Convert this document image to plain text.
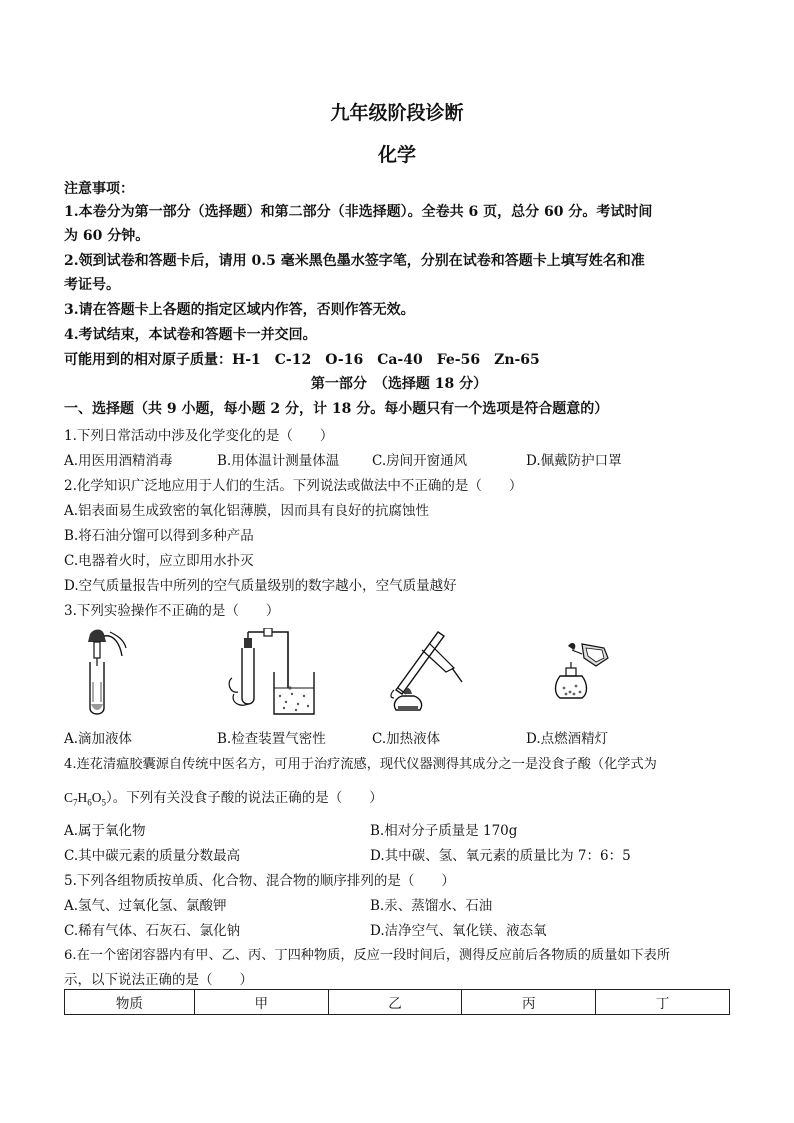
九年级阶段诊断
化学
注意事项：
1.本卷分为第一部分（选择题）和第二部分（非选择题）。全卷共 6 页，总分 60 分。考试时间
为 60 分钟。
2.领到试卷和答题卡后，请用 0.5 毫米黑色墨水签字笔，分别在试卷和答题卡上填写姓名和准
考证号。
3.请在答题卡上各题的指定区域内作答，否则作答无效。
4.考试结束，本试卷和答题卡一并交回。
可能用到的相对原子质量：H-1　C-12　O-16　Ca-40　Fe-56　Zn-65
第一部分　（选择题 18 分）
一、选择题（共 9 小题，每小题 2 分，计 18 分。每小题只有一个选项是符合题意的）
1.下列日常活动中涉及化学变化的是（　　）
A.用医用酒精消毒	B.用体温计测量体温 C.房间开窗通风	D.佩戴防护口罩
2.化学知识广泛地应用于人们的生活。下列说法或做法中不正确的是（　　）
A.铝表面易生成致密的氧化铝薄膜，因而具有良好的抗腐蚀性
B.将石油分馏可以得到多种产品
C.电器着火时，应立即用水扑灭
D.空气质量报告中所列的空气质量级别的数字越小，空气质量越好
3.下列实验操作不正确的是（　　）
A.滴加液体	B.检查装置气密性	C.加热液体	D.点燃酒精灯
4.连花清瘟胶囊源自传统中医名方，可用于治疗流感，现代仪器测得其成分之一是没食子酸（化学式为
$C_7H_6O_5$）。下列有关没食子酸的说法正确的是（　　）
A.属于氧化物	B.相对分子质量是 170g
C.其中碳元素的质量分数最高	D.其中碳、氢、氧元素的质量比为 7：6：5
5.下列各组物质按单质、化合物、混合物的顺序排列的是（　　）
A.氢气、过氧化氢、氯酸钾	B.汞、蒸馏水、石油
C.稀有气体、石灰石、氯化钠	D.洁净空气、氧化镁、液态氧
6.在一个密闭容器内有甲、乙、丙、丁四种物质，反应一段时间后，测得反应前后各物质的质量如下表所
示，以下说法正确的是（　　）
物质	甲	乙	丙	丁
